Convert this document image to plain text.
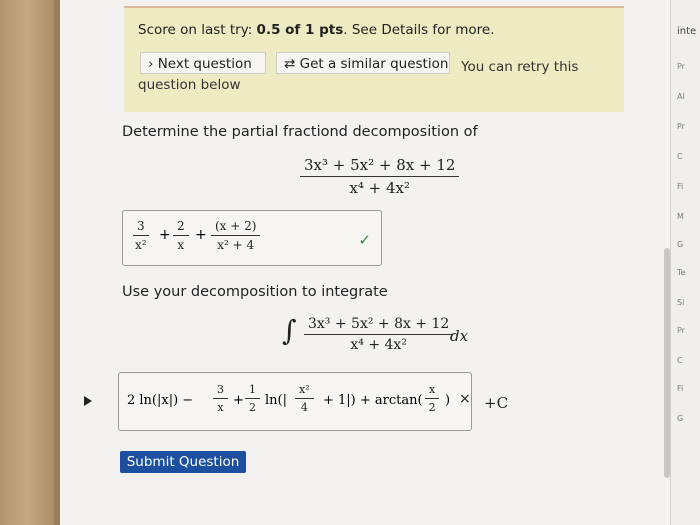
Score on last try: 0.5 of 1 pts. See Details for more.
› Next question	⇄ Get a similar question You can retry this
question below
Determine the partial fractiond decomposition of
$\frac{\text{3x³ + 5x² + 8x + 12}}{\text{x⁴ + 4x²}}$
$\frac{3}{\text{x²}} + \frac{2}{x} + \frac{(x + 2)}{\text{x² + 4}}$	✓
Use your decomposition to integrate
∫ $\frac{\text{3x³ + 5x² + 8x + 12}}{\text{x⁴ + 4x²}}$
dx
2 $\ln(|x|) - \frac{3}{x} + \frac{1}{2} \ln(| \frac{\text{x²}}{4} + 1|) + \arctan( \frac{x}{2}$ ) × +C
Submit Question
inte
Pr
Al
Pr
C
Fi
M
G
Te
Si
Pr
C
Fi
G
